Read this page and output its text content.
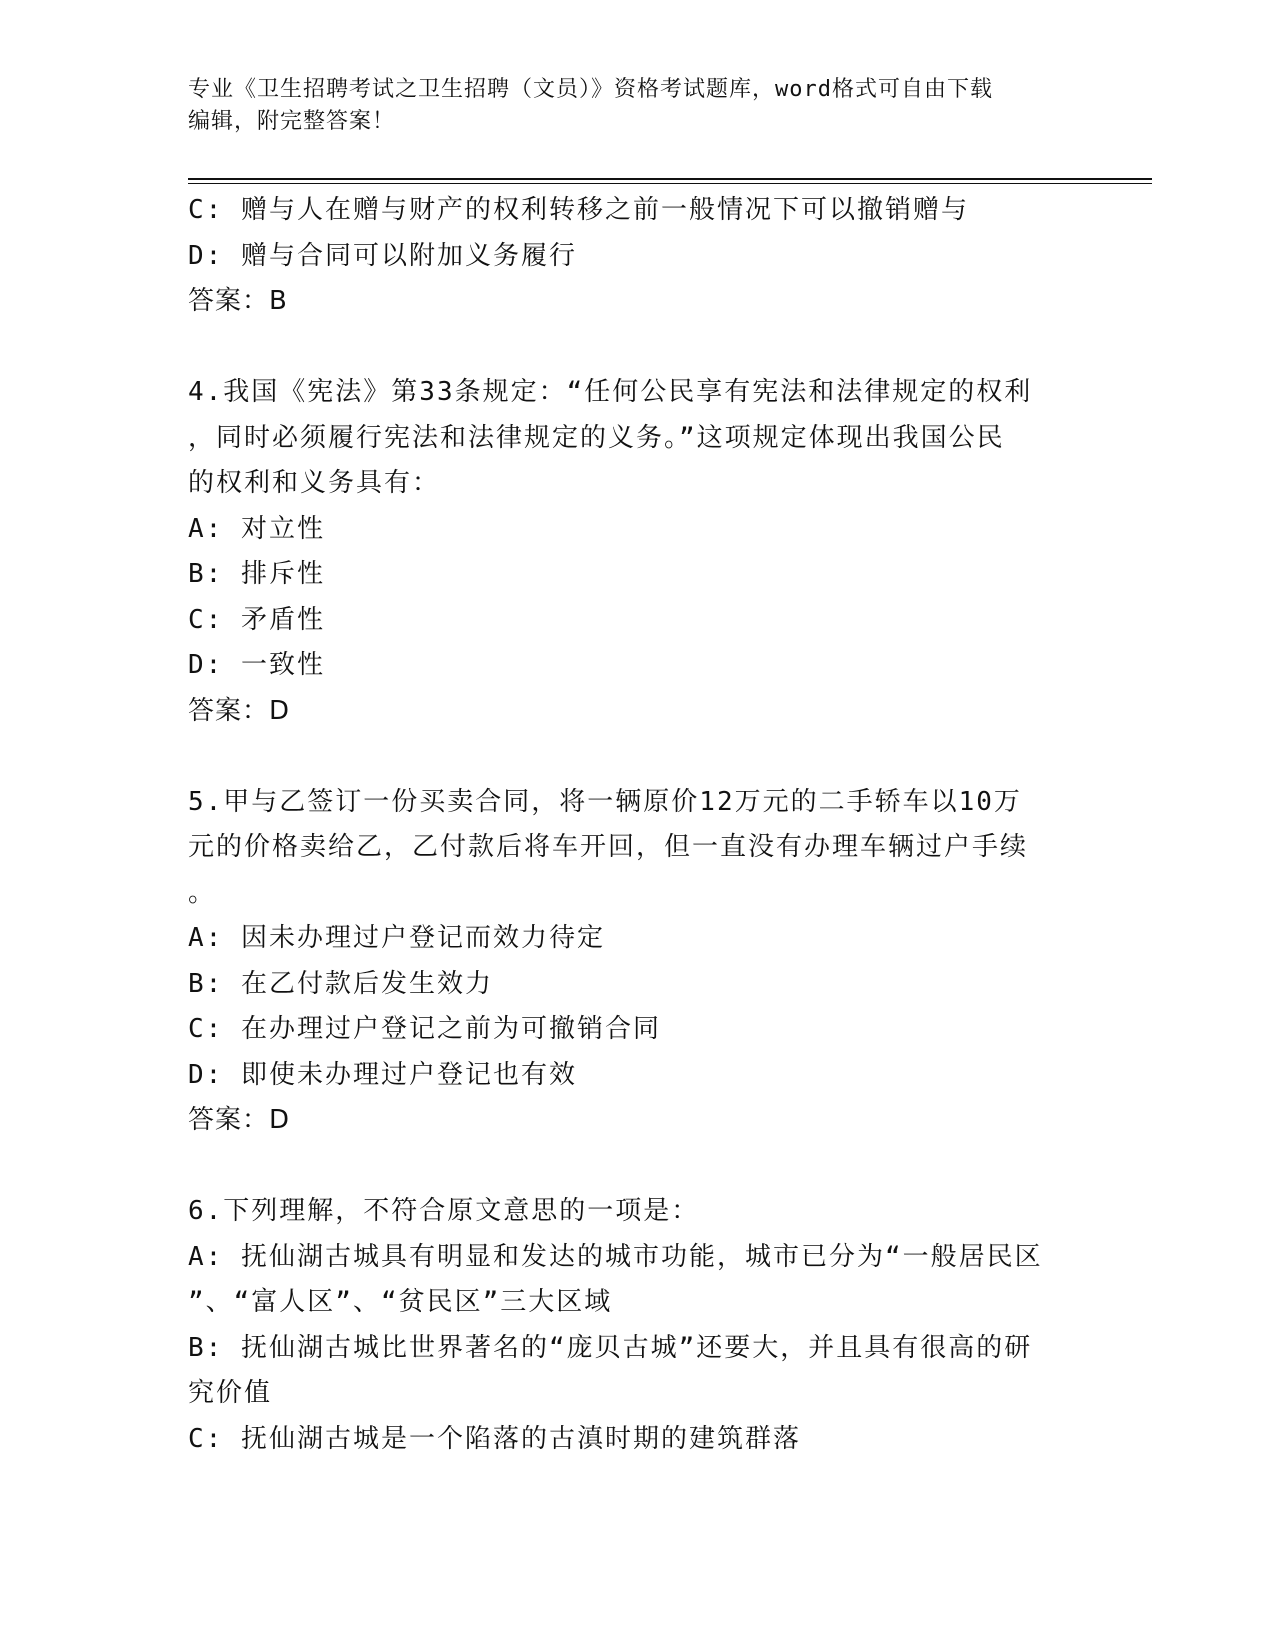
专业《卫生招聘考试之卫生招聘（文员）》资格考试题库，word格式可自由下载
编辑，附完整答案！
C: 赠与人在赠与财产的权利转移之前一般情况下可以撤销赠与
D: 赠与合同可以附加义务履行
答案：B
4.我国《宪法》第33条规定：“任何公民享有宪法和法律规定的权利
，同时必须履行宪法和法律规定的义务。”这项规定体现出我国公民
的权利和义务具有：
A: 对立性
B: 排斥性
C: 矛盾性
D: 一致性
答案：D
5.甲与乙签订一份买卖合同，将一辆原价12万元的二手轿车以10万
元的价格卖给乙，乙付款后将车开回，但一直没有办理车辆过户手续
。
A: 因未办理过户登记而效力待定
B: 在乙付款后发生效力
C: 在办理过户登记之前为可撤销合同
D: 即使未办理过户登记也有效
答案：D
6.下列理解，不符合原文意思的一项是：
A: 抚仙湖古城具有明显和发达的城市功能，城市已分为“一般居民区
”、“富人区”、“贫民区”三大区域
B: 抚仙湖古城比世界著名的“庞贝古城”还要大，并且具有很高的研
究价值
C: 抚仙湖古城是一个陷落的古滇时期的建筑群落
